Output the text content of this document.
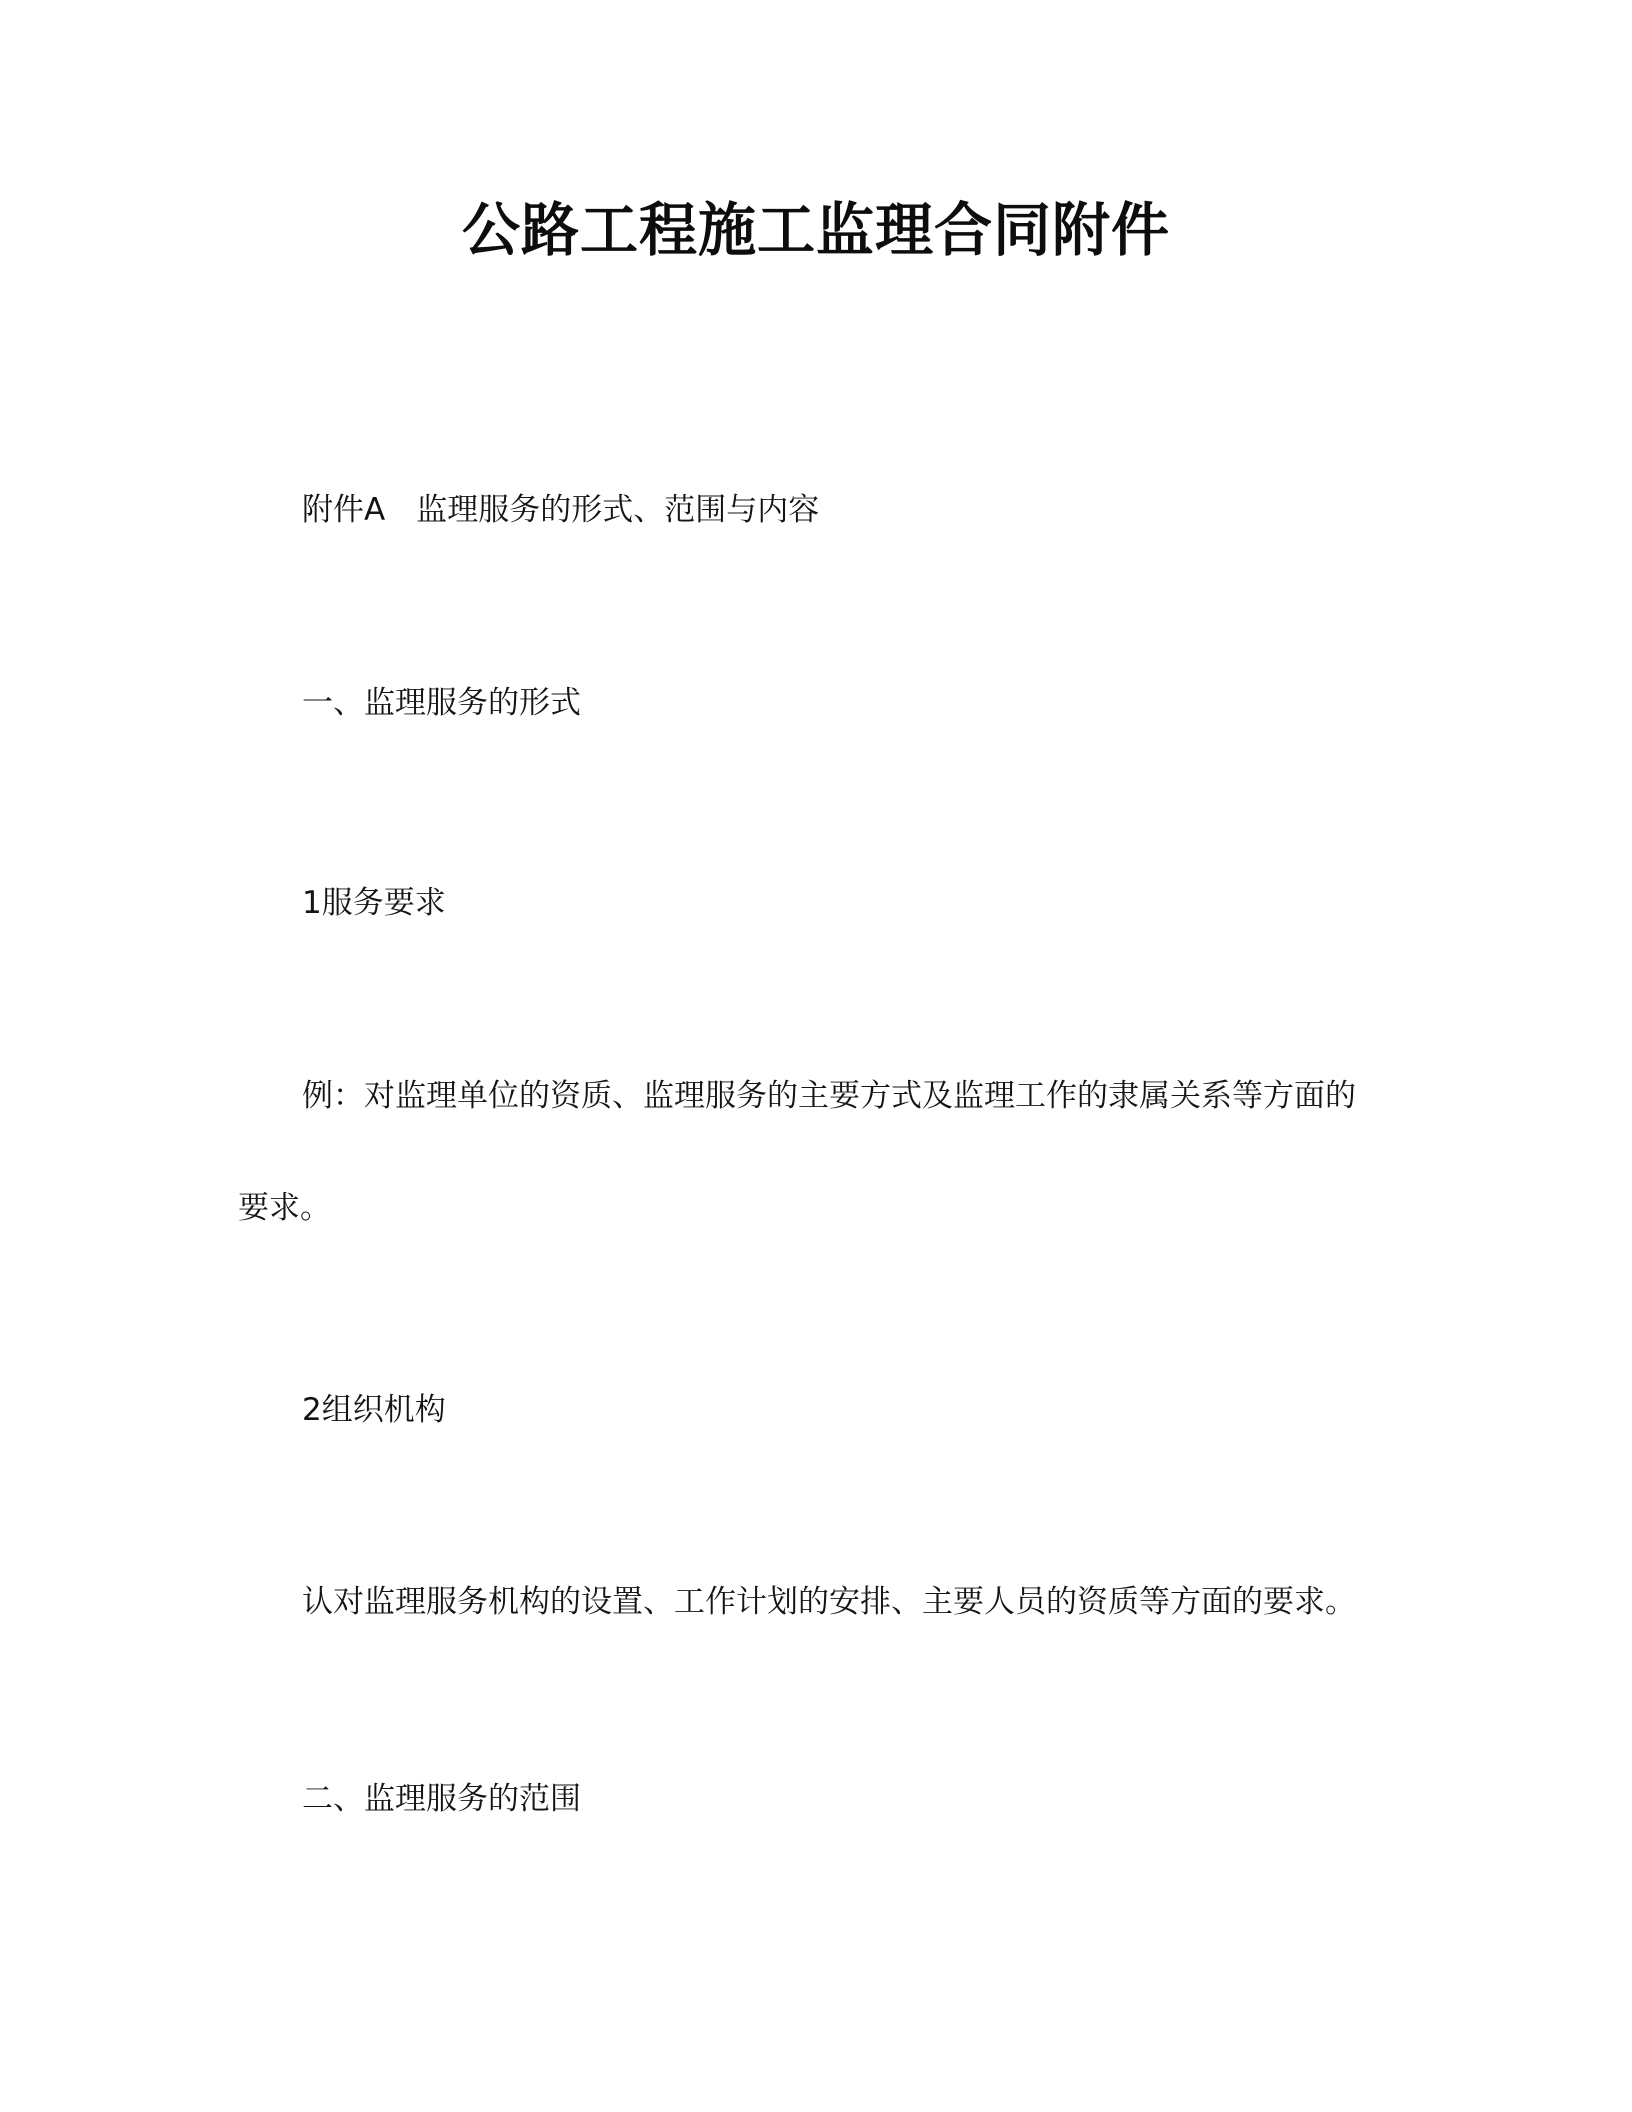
公路工程施工监理合同附件
附件A　监理服务的形式、范围与内容
一、监理服务的形式
1服务要求
例：对监理单位的资质、监理服务的主要方式及监理工作的隶属关系等方面的
要求。
2组织机构
认对监理服务机构的设置、工作计划的安排、主要人员的资质等方面的要求。
二、监理服务的范围
